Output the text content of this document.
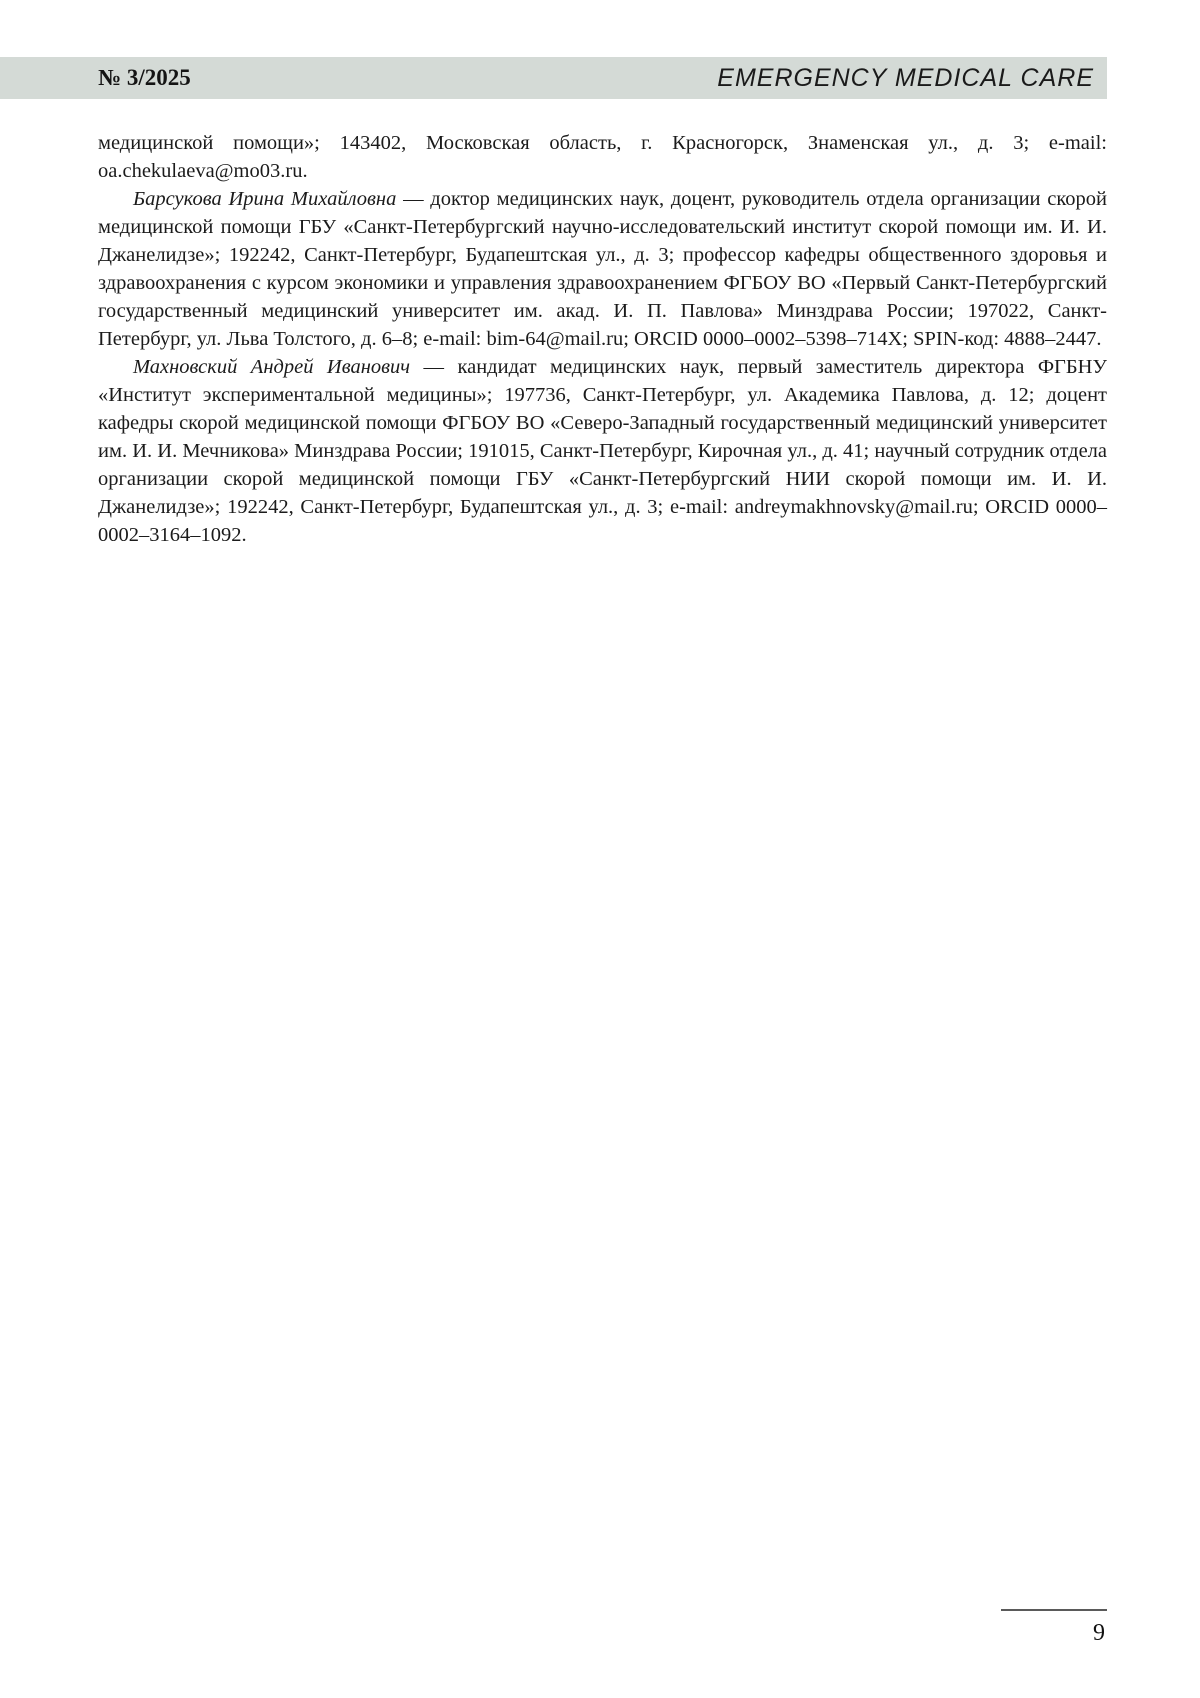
№ 3/2025	EMERGENCY MEDICAL CARE

медицинской помощи»; 143402, Московская область, г. Красногорск, Знаменская ул., д. 3; e-mail: oa.chekulaeva@mo03.ru.

Барсукова Ирина Михайловна — доктор медицинских наук, доцент, руководитель отдела организации скорой медицинской помощи ГБУ «Санкт-Петербургский научно-исследовательский институт скорой помощи им. И. И. Джанелидзе»; 192242, Санкт-Петербург, Будапештская ул., д. 3; профессор кафедры общественного здоровья и здравоохранения с курсом экономики и управления здравоохранением ФГБОУ ВО «Первый Санкт-Петербургский государственный медицинский университет им. акад. И. П. Павлова» Минздрава России; 197022, Санкт-Петербург, ул. Льва Толстого, д. 6–8; e-mail: bim-64@mail.ru; ORCID 0000–0002–5398–714X; SPIN-код: 4888–2447.

Махновский Андрей Иванович — кандидат медицинских наук, первый заместитель директора ФГБНУ «Институт экспериментальной медицины»; 197736, Санкт-Петербург, ул. Академика Павлова, д. 12; доцент кафедры скорой медицинской помощи ФГБОУ ВО «Северо-Западный государственный медицинский университет им. И. И. Мечникова» Минздрава России; 191015, Санкт-Петербург, Кирочная ул., д. 41; научный сотрудник отдела организации скорой медицинской помощи ГБУ «Санкт-Петербургский НИИ скорой помощи им. И. И. Джанелидзе»; 192242, Санкт-Петербург, Будапештская ул., д. 3; e-mail: andreymakhnovsky@mail.ru; ORCID 0000–0002–3164–1092.

9
